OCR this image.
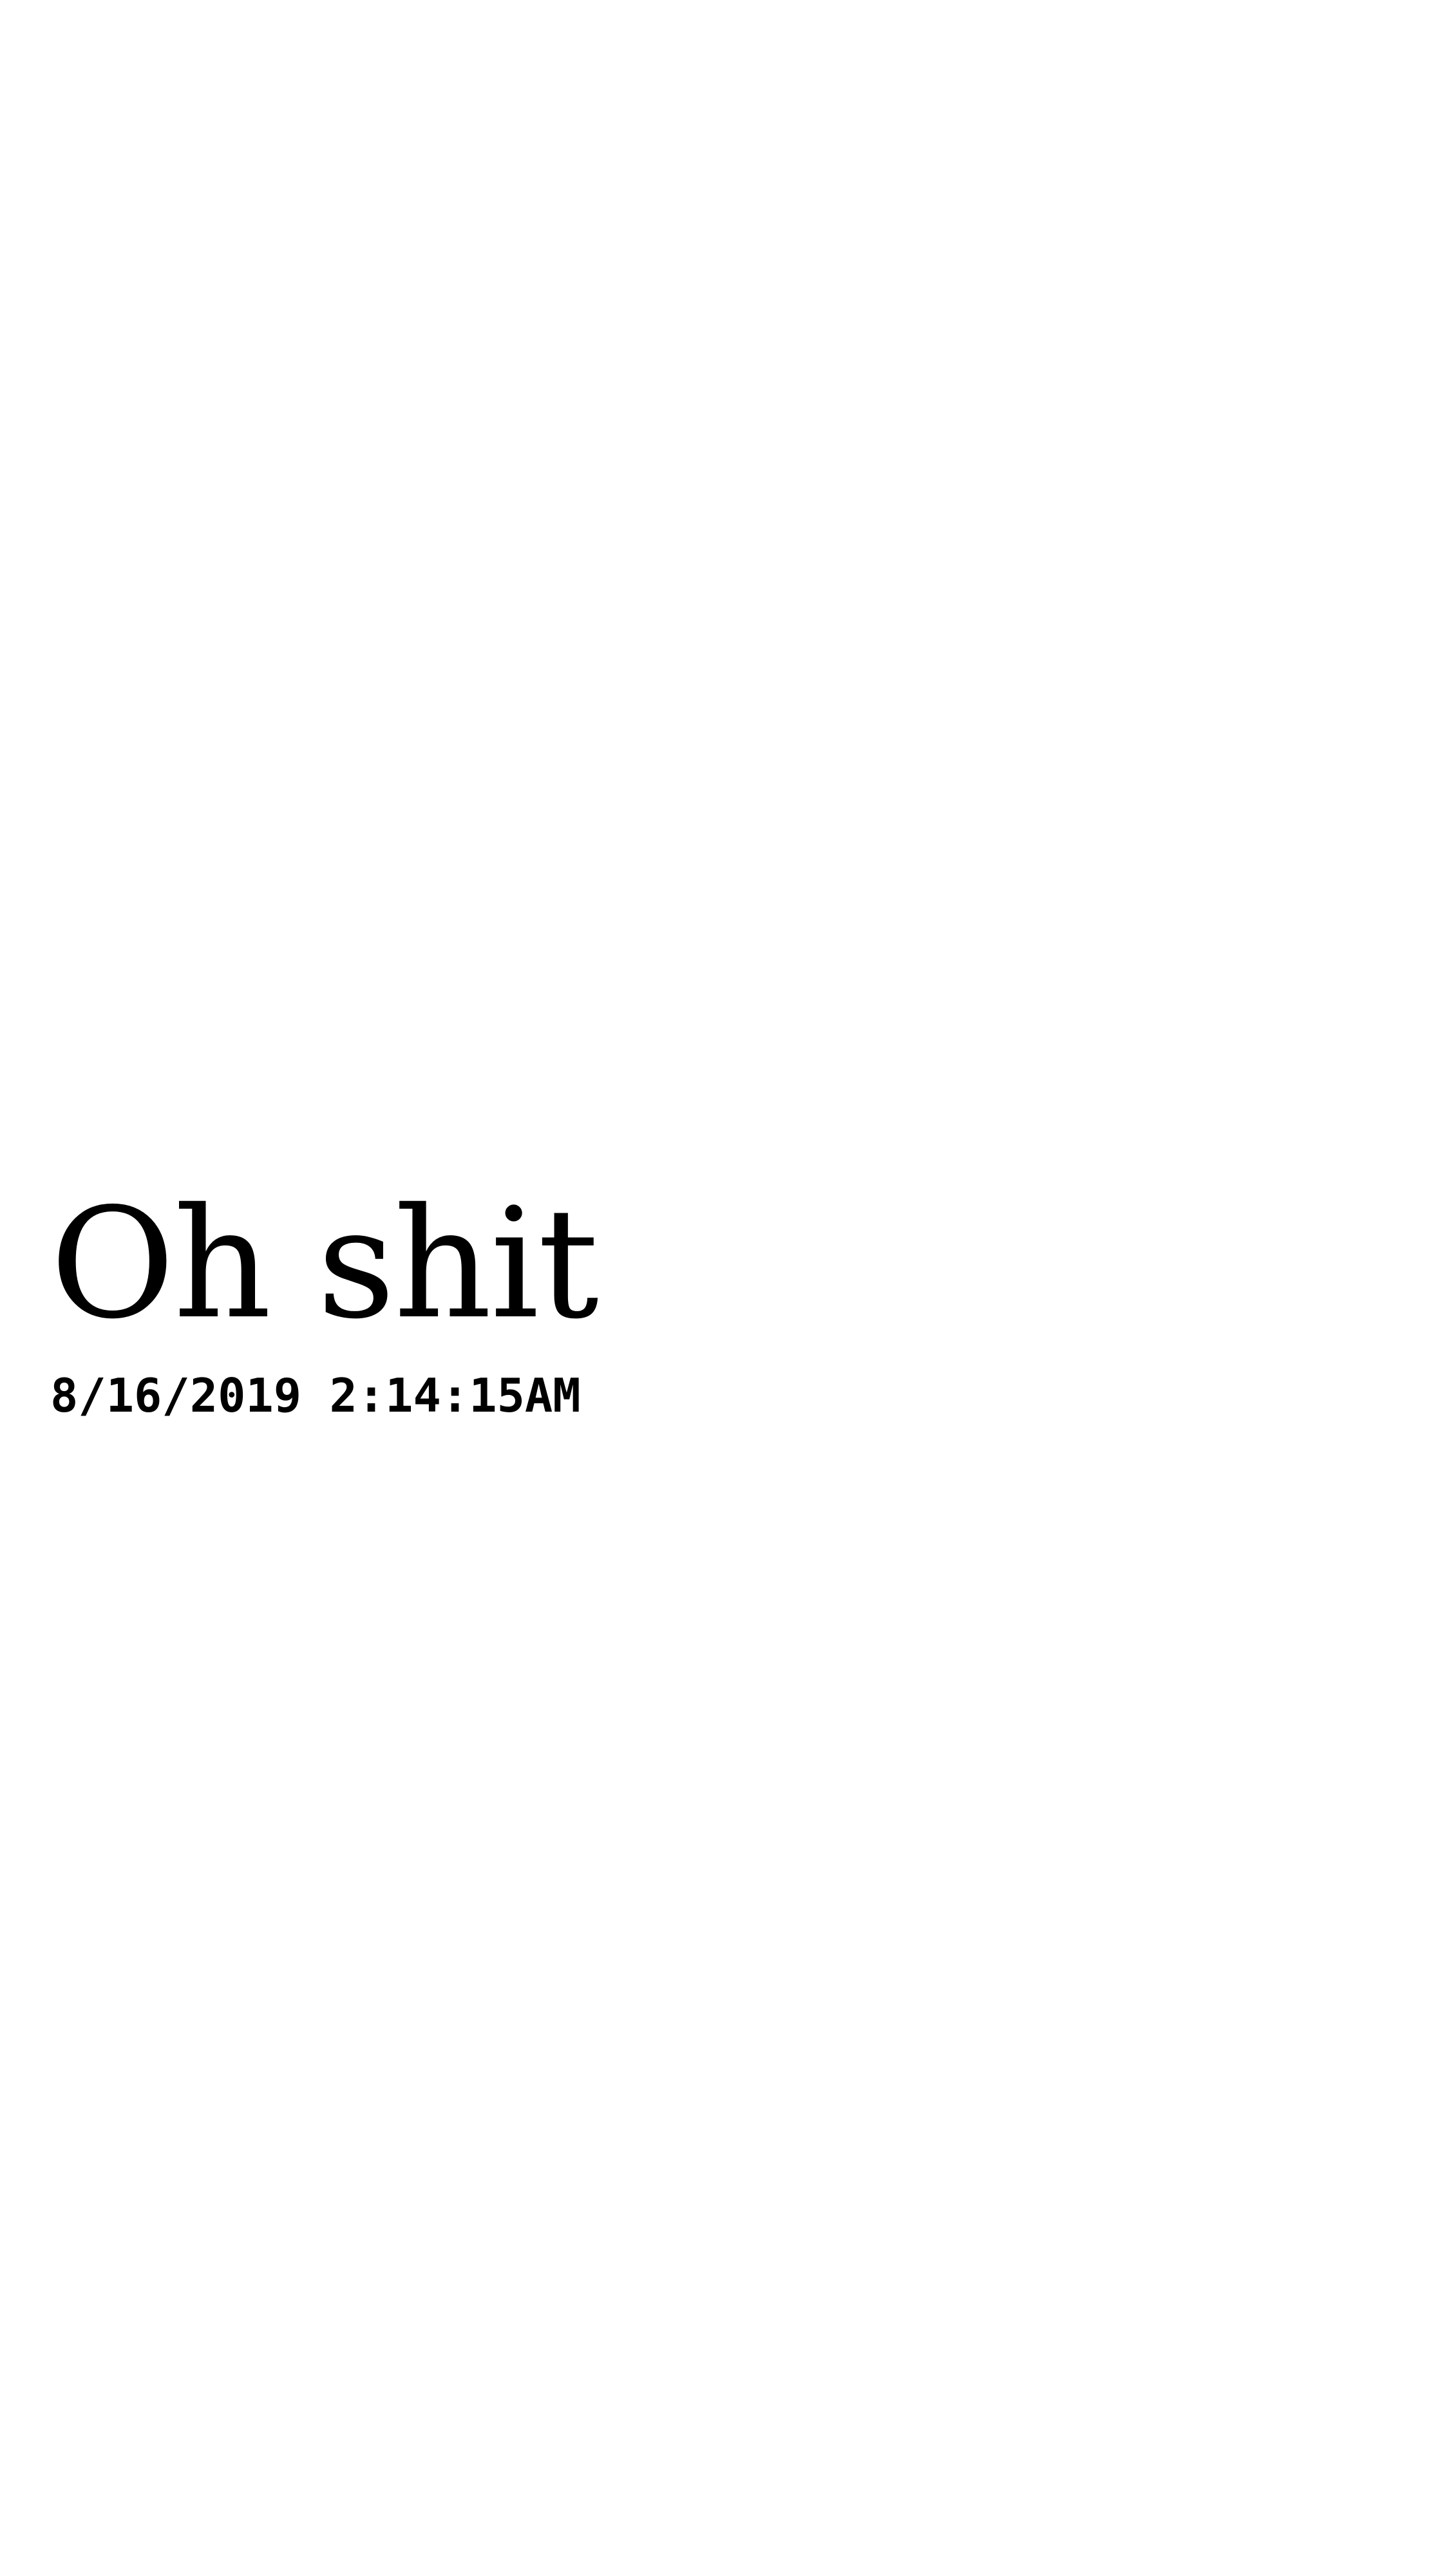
Oh shit
8/16/2019 2:14:15AM
